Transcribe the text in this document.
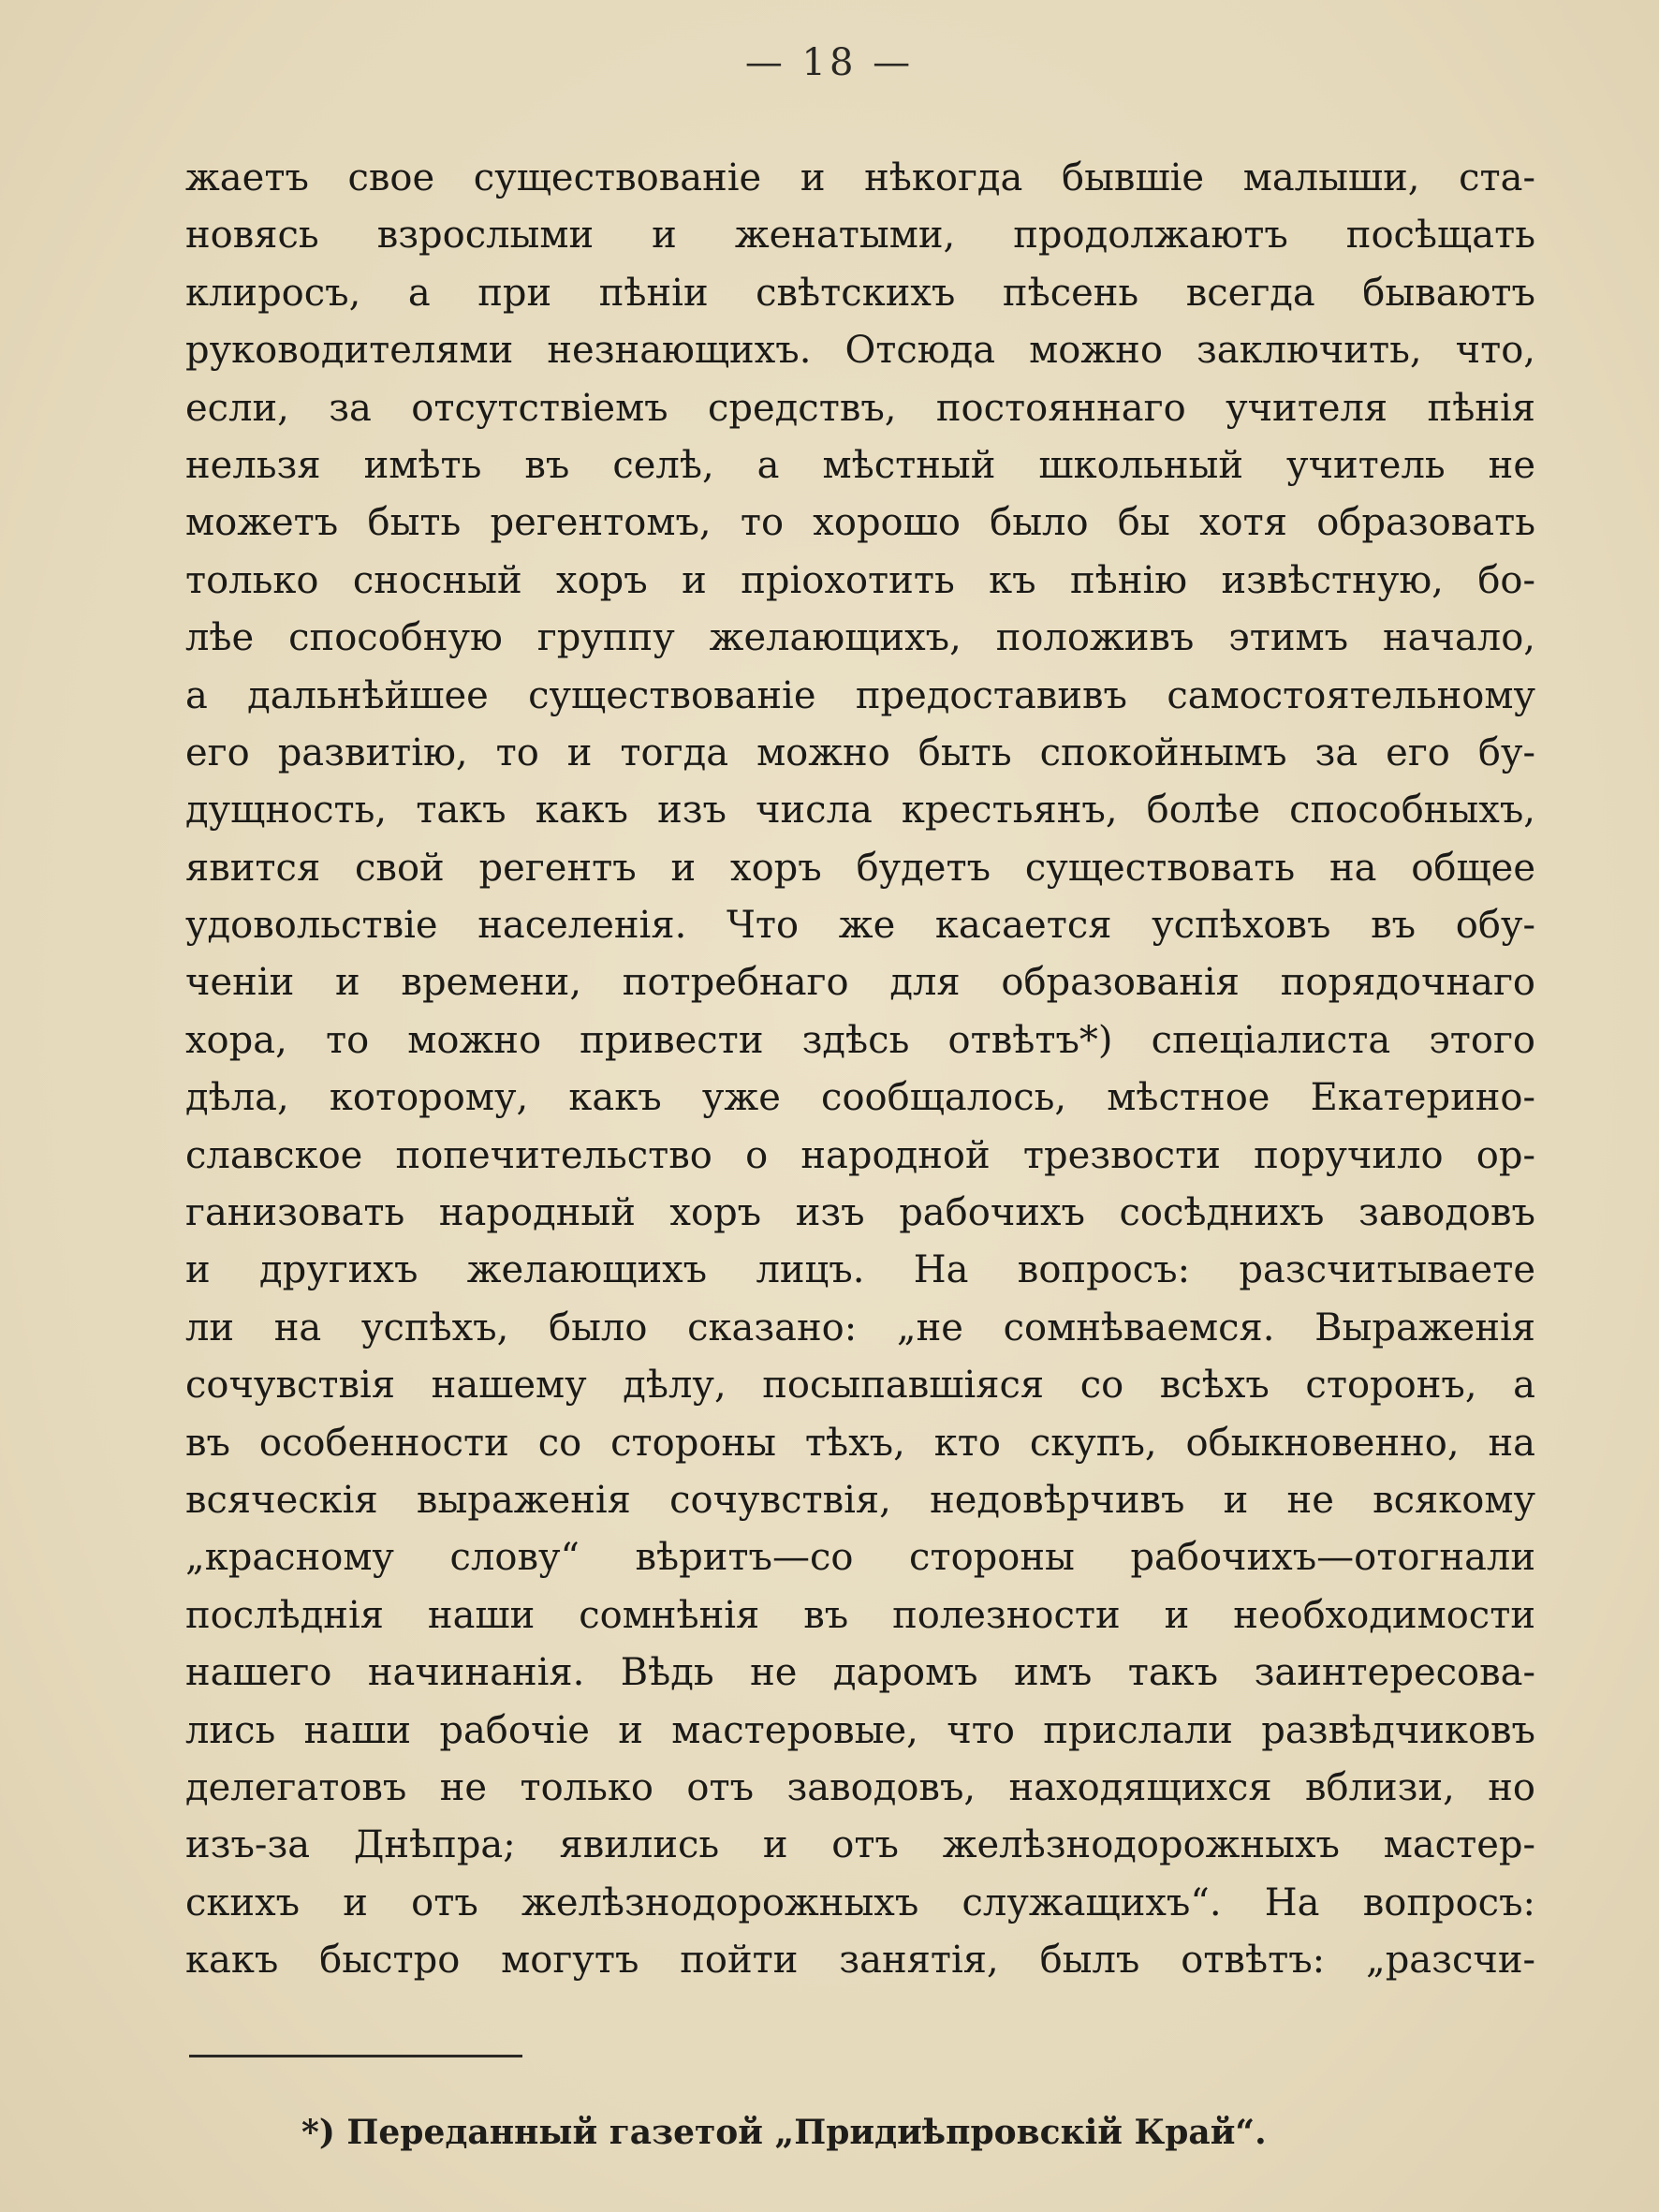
— 18 —
жаетъ свое существованіе и нѣкогда бывшіе малыши, ста-
новясь взрослыми и женатыми, продолжаютъ посѣщать
клиросъ, а при пѣніи свѣтскихъ пѣсень всегда бываютъ
руководителями незнающихъ. Отсюда можно заключить, что,
если, за отсутствіемъ средствъ, постояннаго учителя пѣнія
нельзя имѣть въ селѣ, а мѣстный школьный учитель не
можетъ быть регентомъ, то хорошо было бы хотя образовать
только сносный хоръ и пріохотить къ пѣнію извѣстную, бо-
лѣе способную группу желающихъ, положивъ этимъ начало,
а дальнѣйшее существованіе предоставивъ самостоятельному
его развитію, то и тогда можно быть спокойнымъ за его бу-
дущность, такъ какъ изъ числа крестьянъ, болѣе способныхъ,
явится свой регентъ и хоръ будетъ существовать на общее
удовольствіе населенія. Что же касается успѣховъ въ обу-
ченіи и времени, потребнаго для образованія порядочнаго
хора, то можно привести здѣсь отвѣтъ*) спеціалиста этого
дѣла, которому, какъ уже сообщалось, мѣстное Екатерино-
славское попечительство о народной трезвости поручило ор-
ганизовать народный хоръ изъ рабочихъ сосѣднихъ заводовъ
и другихъ желающихъ лицъ. На вопросъ: разсчитываете
ли на успѣхъ, было сказано: „не сомнѣваемся. Выраженія
сочувствія нашему дѣлу, посыпавшіяся со всѣхъ сторонъ, а
въ особенности со стороны тѣхъ, кто скупъ, обыкновенно, на
всяческія выраженія сочувствія, недовѣрчивъ и не всякому
„красному слову“ вѣритъ—со стороны рабочихъ—отогнали
послѣднія наши сомнѣнія въ полезности и необходимости
нашего начинанія. Вѣдь не даромъ имъ такъ заинтересова-
лись наши рабочіе и мастеровые, что прислали развѣдчиковъ
делегатовъ не только отъ заводовъ, находящихся вблизи, но
изъ-за Днѣпра; явились и отъ желѣзнодорожныхъ мастер-
скихъ и отъ желѣзнодорожныхъ служащихъ“. На вопросъ:
какъ быстро могутъ пойти занятія, былъ отвѣтъ: „разсчи-
*) Переданный газетой „Придиѣпровскій Край“.
